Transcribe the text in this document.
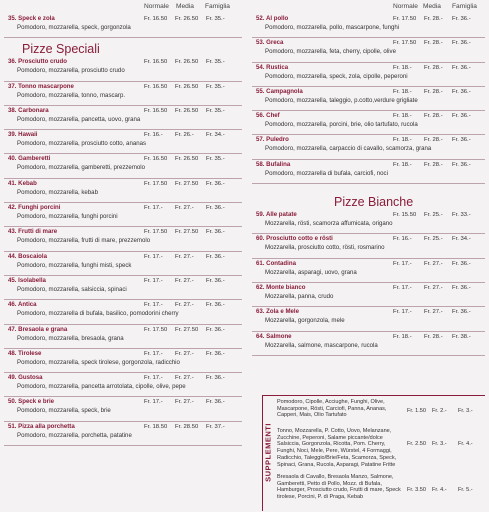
Normale Media Famiglia
35. Speck e zola	Fr. 16.50 Fr. 26.50 Fr. 35.-
Pomodoro, mozzarella, speck, gorgonzola
Pizze Speciali
36. Prosciutto crudo	Fr. 16.50 Fr. 26.50 Fr. 35.-
Pomodoro, mozzarella, prosciutto crudo
37. Tonno mascarpone	Fr. 16.50 Fr. 26.50 Fr. 35.-
Pomodoro, mozzarella, tonno, mascarp.
38. Carbonara	Fr. 16.50 Fr. 26.50 Fr. 35.-
Pomodoro, mozzarella, pancetta, uovo, grana
39. Hawaii	Fr. 16.- Fr. 26.- Fr. 34.-
Pomodoro, mozzarella, prosciutto cotto, ananas
40. Gamberetti	Fr. 16.50 Fr. 26.50 Fr. 35.-
Pomodoro, mozzarella, gamberetti, prezzemolo
41. Kebab	Fr. 17.50 Fr. 27.50 Fr. 36.-
Pomodoro, mozzarella, kebab
42. Funghi porcini	Fr. 17.- Fr. 27.- Fr. 36.-
Pomodoro, mozzarella, funghi porcini
43. Frutti di mare	Fr. 17.50 Fr. 27.50 Fr. 36.-
Pomodoro, mozzarella, frutti di mare, prezzemolo
44. Boscaiola	Fr. 17.- Fr. 27.- Fr. 36.-
Pomodoro, mozzarella, funghi misti, speck
45. Isolabella	Fr. 17.- Fr. 27.- Fr. 36.-
Pomodoro, mozzarella, salsiccia, spinaci
46. Antica	Fr. 17.- Fr. 27.- Fr. 36.-
Pomodoro, mozzarella di bufala, basilico, pomodorini cherry
47. Bresaola e grana	Fr. 17.50 Fr. 27.50 Fr. 36.-
Pomodoro, mozzarella, bresaola, grana
48. Tirolese	Fr. 17.- Fr. 27.- Fr. 36.-
Pomodoro, mozzarella, speck tirolese, gorgonzola, radicchio
49. Gustosa	Fr. 17.- Fr. 27.- Fr. 36.-
Pomodoro, mozzarella, pancetta arrotolata, cipolle, olive, pepe
50. Speck e brie	Fr. 17.- Fr. 27.- Fr. 36.-
Pomodoro, mozzarella, speck, brie
51. Pizza alla porchetta	Fr. 18.50 Fr. 28.50 Fr. 37.-
Pomodoro, mozzarella, porchetta, patatine
Normale Media Famiglia
52. Al pollo	Fr. 17.50 Fr. 28.- Fr. 36.-
Pomodoro, mozzarella, pollo, mascarpone, funghi
53. Greca	Fr. 17.50 Fr. 28.- Fr. 36.-
Pomodoro, mozzarella, feta, cherry, cipolle, olive
54. Rustica	Fr. 18.- Fr. 28.- Fr. 36.-
Pomodoro, mozzarella, speck, zola, cipolle, peperoni
55. Campagnola	Fr. 18.- Fr. 28.- Fr. 36.-
Pomodoro, mozzarella, taleggio, p.cotto,verdure grigliate
56. Chef	Fr. 18.- Fr. 28.- Fr. 36.-
Pomodoro, mozzarella, porcini, brie, olio tartufato, rucola
57. Puledro	Fr. 18.- Fr. 28.- Fr. 36.-
Pomodoro, mozzarella, carpaccio di cavallo, scamorza, grana
58. Bufalina	Fr. 18.- Fr. 28.- Fr. 36.-
Pomodoro, mozzarella di bufala, carciofi, noci
Pizze Bianche
59. Alle patate	Fr. 15.50 Fr. 25.- Fr. 33.-
Mozzarella, rösti, scamorza affumicata, origano
60. Prosciutto cotto e rösti	Fr. 16.- Fr. 25.- Fr. 34.-
Mozzarella, prosciutto cotto, rösti, rosmarino
61. Contadina	Fr. 17.- Fr. 27.- Fr. 36.-
Mozzarella, asparagi, uovo, grana
62. Monte bianco	Fr. 17.- Fr. 27.- Fr. 36.-
Mozzarella, panna, crudo
63. Zola e Mele	Fr. 17.- Fr. 27.- Fr. 36.-
Mozzarella, gorgonzola, mele
64. Salmone	Fr. 18.- Fr. 28.- Fr. 38.-
Mozzarella, salmone, mascarpone, rucola
SUPPLEMENTI
Pomodoro, Cipolle, Acciughe, Funghi, Olive, Mascarpone, Rösti, Carciofi, Panna, Ananas, Capperi, Mais, Olio Tartufato
Fr. 1.50 Fr. 2.- Fr. 3.-
Tonno, Mozzarella, P. Cotto, Uovo, Melanzane, Zucchine, Peperoni, Salame piccante/dolce Salsiccia, Gorgonzola, Ricotta, Pom. Cherry, Funghi, Noci, Mele, Pere, Würstel, 4 Formaggi, Radicchio, Taleggio/Brie/Feta, Scamorza, Speck, Spinaci, Grana, Rucola, Asparagi, Patatine Fritte
Fr. 2.50 Fr. 3.- Fr. 4.-
Bresaola di Cavallo, Bresaola Manzo, Salmone, Gamberetti, Petto di Pollo, Mozz. di Bufala, Hamburger, Prosciutto crudo, Frutti di mare, Speck tirolese, Porcini, P. di Praga, Kebab
Fr. 3.50 Fr. 4.- Fr. 5.-
